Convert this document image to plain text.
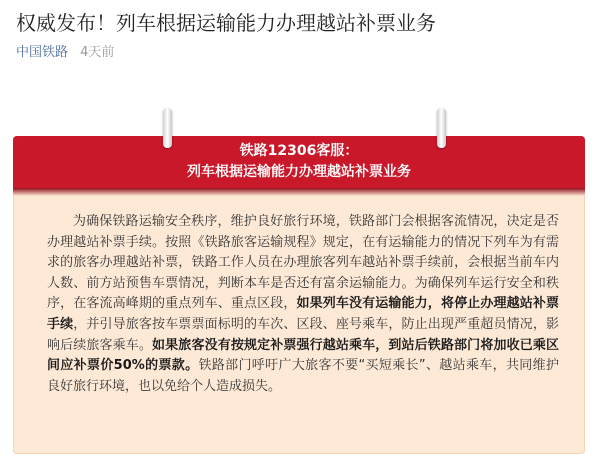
权威发布！列车根据运输能力办理越站补票业务
中国铁路 4天前
铁路12306客服：
列车根据运输能力办理越站补票业务

为确保铁路运输安全秩序，维护良好旅行环境，铁路部门会根据客流情况，决定是否办理越站补票手续。按照《铁路旅客运输规程》规定，在有运输能力的情况下列车为有需求的旅客办理越站补票，铁路工作人员在办理旅客列车越站补票手续前，会根据当前车内人数、前方站预售车票情况，判断本车是否还有富余运输能力。为确保列车运行安全和秩序，在客流高峰期的重点列车、重点区段，如果列车没有运输能力，将停止办理越站补票手续，并引导旅客按车票票面标明的车次、区段、座号乘车，防止出现严重超员情况，影响后续旅客乘车。如果旅客没有按规定补票强行越站乘车，到站后铁路部门将加收已乘区间应补票价50%的票款。铁路部门呼吁广大旅客不要“买短乘长”、越站乘车，共同维护良好旅行环境，也以免给个人造成损失。
